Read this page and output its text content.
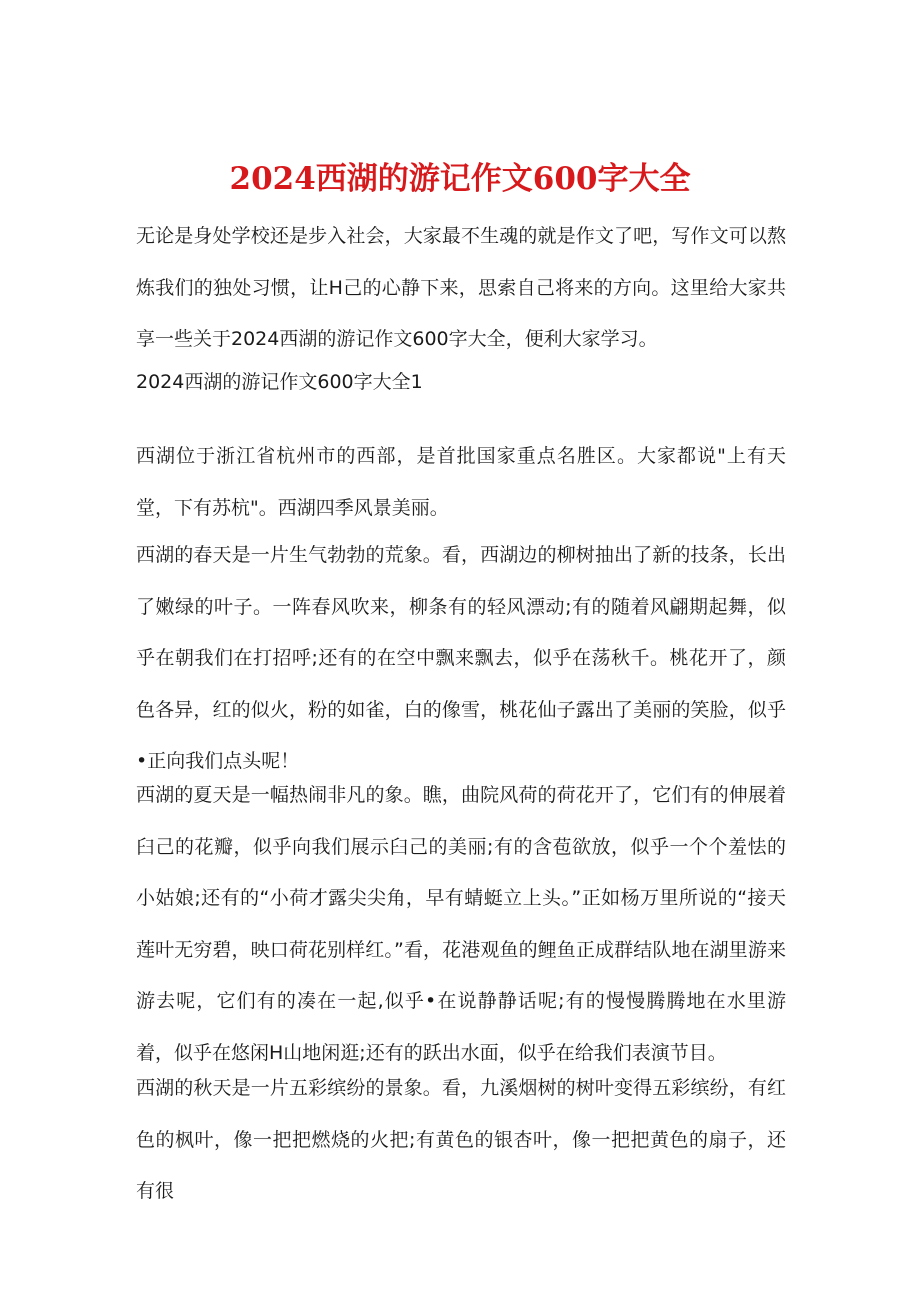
2024西湖的游记作文600字大全

无论是身处学校还是步入社会，大家最不生魂的就是作文了吧，写作文可以熬炼我们的独处习惯，让H己的心静下来，思索自己将来的方向。这里给大家共享一些关于2024西湖的游记作文600字大全，便利大家学习。

2024西湖的游记作文600字大全1

西湖位于浙江省杭州市的西部，是首批国家重点名胜区。大家都说"上有天堂，下有苏杭"。西湖四季风景美丽。

西湖的春天是一片生气勃勃的荒象。看，西湖边的柳树抽出了新的技条，长出了嫩绿的叶子。一阵春风吹来，柳条有的轻风漂动;有的随着风翩期起舞，似乎在朝我们在打招呼;还有的在空中飘来飘去，似乎在荡秋千。桃花开了，颜色各异，红的似火，粉的如雀，白的像雪，桃花仙子露出了美丽的笑脸，似乎•正向我们点头呢！

西湖的夏天是一幅热闹非凡的象。瞧，曲院风荷的荷花开了，它们有的伸展着臼己的花瓣，似乎向我们展示臼己的美丽;有的含苞欲放，似乎一个个羞怯的小姑娘;还有的“小荷才露尖尖角，早有蜻蜓立上头。”正如杨万里所说的“接天莲叶无穷碧，映口荷花别样红。”看，花港观鱼的鲤鱼正成群结队地在湖里游来游去呢，它们有的凑在一起,似乎•在说静静话呢;有的慢慢腾腾地在水里游着，似乎在悠闲H山地闲逛;还有的跃出水面，似乎在给我们表演节目。

西湖的秋天是一片五彩缤纷的景象。看，九溪烟树的树叶变得五彩缤纷，有红色的枫叶，像一把把燃烧的火把;有黄色的银杏叶，像一把把黄色的扇子，还有很
